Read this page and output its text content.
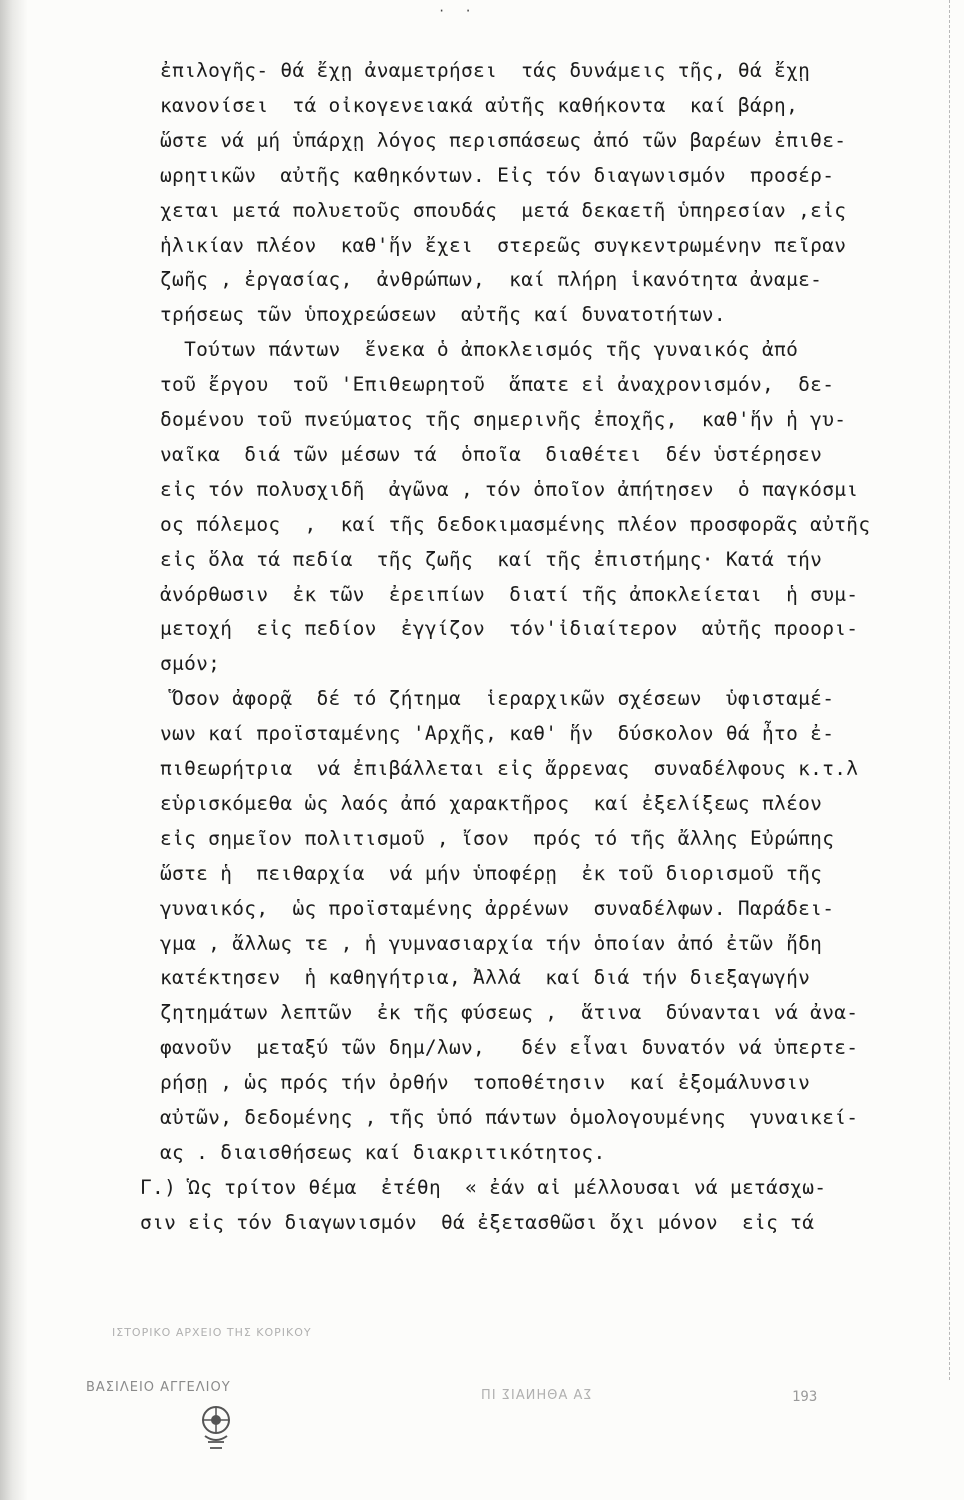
· ·
ἐπιλογῆς- θά ἔχῃ ἀναμετρήσει  τάς δυνάμεις τῆς, θά ἔχῃ
κανονίσει  τά οἰκογενειακά αὐτῆς καθήκοντα  καί βάρη,
ὥστε νά μή ὑπάρχῃ λόγος περισπάσεως ἀπό τῶν βαρέων ἐπιθε-
ωρητικῶν  αὐτῆς καθηκόντων. Εἰς τόν διαγωνισμόν  προσέρ-
χεται μετά πολυετοῦς σπουδάς  μετά δεκαετῆ ὑπηρεσίαν ,εἰς
ἡλικίαν πλέον  καθ'ἥν ἔχει  στερεῶς συγκεντρωμένην πεῖραν
ζωῆς , ἐργασίας,  ἀνθρώπων,  καί πλήρη ἱκανότητα ἀναμε-
τρήσεως τῶν ὑποχρεώσεων  αὐτῆς καί δυνατοτήτων.
Τούτων πάντων  ἕνεκα ὁ ἀποκλεισμός τῆς γυναικός ἀπό
τοῦ ἔργου  τοῦ 'Επιθεωρητοῦ  ἅπατε εἰ ἀναχρονισμόν,  δε-
δομένου τοῦ πνεύματος τῆς σημερινῆς ἐποχῆς,  καθ'ἥν ἡ γυ-
ναῖκα  διά τῶν μέσων τά  ὁποῖα  διαθέτει  δέν ὑστέρησεν
εἰς τόν πολυσχιδῆ  ἀγῶνα , τόν ὁποῖον ἀπήτησεν  ὁ παγκόσμι
ος πόλεμος  ,  καί τῆς δεδοκιμασμένης πλέον προσφορᾶς αὐτῆς
εἰς ὅλα τά πεδία  τῆς ζωῆς  καί τῆς ἐπιστήμης· Κατά τήν
ἀνόρθωσιν  ἐκ τῶν  ἐρειπίων  διατί τῆς ἀποκλείεται  ἡ συμ-
μετοχή  εἰς πεδίον  ἐγγίζον  τόν'ἰδιαίτερον  αὐτῆς προορι-
σμόν;
Ὅσον ἀφορᾷ  δέ τό ζήτημα  ἱεραρχικῶν σχέσεων  ὑφισταμέ-
νων καί προϊσταμένης 'Αρχῆς, καθ' ἥν  δύσκολον θά ἦτο ἐ-
πιθεωρήτρια  νά ἐπιβάλλεται εἰς ἄρρενας  συναδέλφους κ.τ.λ
εὑρισκόμεθα ὡς λαός ἀπό χαρακτῆρος  καί ἐξελίξεως πλέον
εἰς σημεῖον πολιτισμοῦ , ἴσον  πρός τό τῆς ἄλλης Εὐρώπης
ὥστε ἡ  πειθαρχία  νά μήν ὑποφέρῃ  ἐκ τοῦ διορισμοῦ τῆς
γυναικός,  ὡς προϊσταμένης ἀρρένων  συναδέλφων. Παράδει-
γμα , ἄλλως τε , ἡ γυμνασιαρχία τήν ὁποίαν ἀπό ἐτῶν ἤδη
κατέκτησεν  ἡ καθηγήτρια, Ἀλλά  καί διά τήν διεξαγωγήν
ζητημάτων λεπτῶν  ἐκ τῆς φύσεως ,  ἅτινα  δύνανται νά ἀνα-
φανοῦν  μεταξύ τῶν δημ/λων,   δέν εἶναι δυνατόν νά ὑπερτε-
ρήσῃ , ὡς πρός τήν ὀρθήν  τοποθέτησιν  καί ἐξομάλυνσιν
αὐτῶν, δεδομένης , τῆς ὑπό πάντων ὁμολογουμένης  γυναικεί-
ας . διαισθήσεως καί διακριτικότητος.
Γ.) Ὡς τρίτον θέμα  ἐτέθη  « ἐάν αἱ μέλλουσαι νά μετάσχω-
σιν εἰς τόν διαγωνισμόν  θά ἐξετασθῶσι ὄχι μόνον  εἰς τά
ΙΣΤΟΡΙΚΟ ΑΡΧΕΙΟ ΤΗΣ ΚΟΡΙΚΟΥ
ΒΑΣΙΛΕΙΟ ΑΓΓΕΛΙΟΥ
ΣΑ ΑΘΗΝΑΙΣ ΙΠ	193
